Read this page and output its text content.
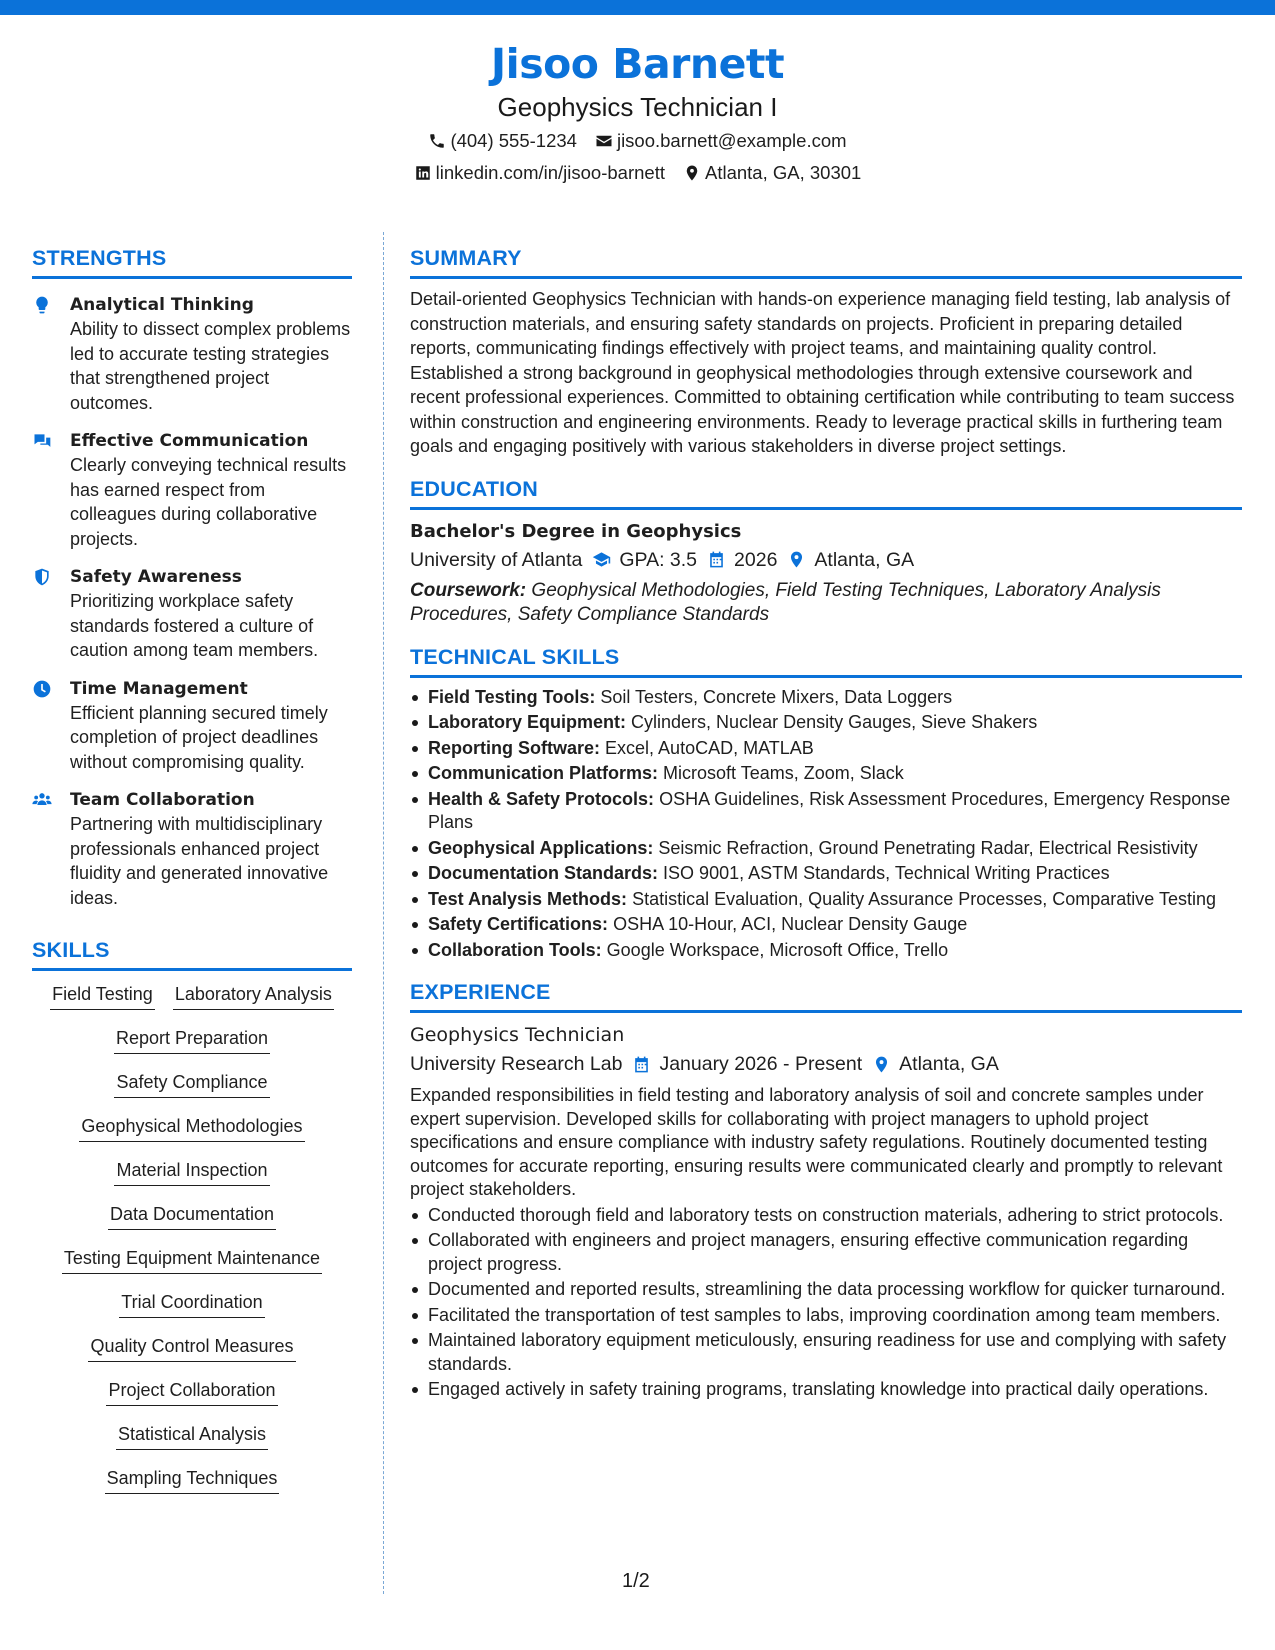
Jisoo Barnett
Geophysics Technician I
(404) 555-1234 jisoo.barnett@example.com
linkedin.com/in/jisoo-barnett Atlanta, GA, 30301
STRENGTHS
Analytical Thinking
Ability to dissect complex problems led to accurate testing strategies that strengthened project outcomes.
Effective Communication
Clearly conveying technical results has earned respect from colleagues during collaborative projects.
Safety Awareness
Prioritizing workplace safety standards fostered a culture of caution among team members.
Time Management
Efficient planning secured timely completion of project deadlines without compromising quality.
Team Collaboration
Partnering with multidisciplinary professionals enhanced project fluidity and generated innovative ideas.
SKILLS
Field Testing Laboratory Analysis
Report Preparation
Safety Compliance
Geophysical Methodologies
Material Inspection
Data Documentation
Testing Equipment Maintenance
Trial Coordination
Quality Control Measures
Project Collaboration
Statistical Analysis
Sampling Techniques
SUMMARY
Detail-oriented Geophysics Technician with hands-on experience managing field testing, lab analysis of construction materials, and ensuring safety standards on projects. Proficient in preparing detailed reports, communicating findings effectively with project teams, and maintaining quality control. Established a strong background in geophysical methodologies through extensive coursework and recent professional experiences. Committed to obtaining certification while contributing to team success within construction and engineering environments. Ready to leverage practical skills in furthering team goals and engaging positively with various stakeholders in diverse project settings.
EDUCATION
Bachelor's Degree in Geophysics
University of Atlanta GPA: 3.5 2026 Atlanta, GA
Coursework: Geophysical Methodologies, Field Testing Techniques, Laboratory Analysis Procedures, Safety Compliance Standards
TECHNICAL SKILLS
Field Testing Tools: Soil Testers, Concrete Mixers, Data Loggers
Laboratory Equipment: Cylinders, Nuclear Density Gauges, Sieve Shakers
Reporting Software: Excel, AutoCAD, MATLAB
Communication Platforms: Microsoft Teams, Zoom, Slack
Health & Safety Protocols: OSHA Guidelines, Risk Assessment Procedures, Emergency Response Plans
Geophysical Applications: Seismic Refraction, Ground Penetrating Radar, Electrical Resistivity
Documentation Standards: ISO 9001, ASTM Standards, Technical Writing Practices
Test Analysis Methods: Statistical Evaluation, Quality Assurance Processes, Comparative Testing
Safety Certifications: OSHA 10-Hour, ACI, Nuclear Density Gauge
Collaboration Tools: Google Workspace, Microsoft Office, Trello
EXPERIENCE
Geophysics Technician
University Research Lab January 2026 - Present Atlanta, GA
Expanded responsibilities in field testing and laboratory analysis of soil and concrete samples under expert supervision. Developed skills for collaborating with project managers to uphold project specifications and ensure compliance with industry safety regulations. Routinely documented testing outcomes for accurate reporting, ensuring results were communicated clearly and promptly to relevant project stakeholders.
Conducted thorough field and laboratory tests on construction materials, adhering to strict protocols.
Collaborated with engineers and project managers, ensuring effective communication regarding project progress.
Documented and reported results, streamlining the data processing workflow for quicker turnaround.
Facilitated the transportation of test samples to labs, improving coordination among team members.
Maintained laboratory equipment meticulously, ensuring readiness for use and complying with safety standards.
Engaged actively in safety training programs, translating knowledge into practical daily operations.
1/2
